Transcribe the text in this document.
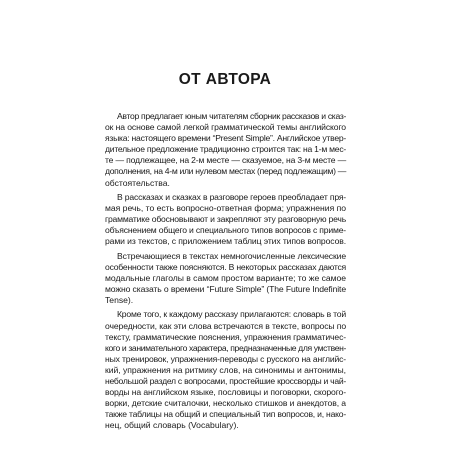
ОТ АВТОРА

Автор предлагает юным читателям сборник рассказов и сказ-
ок на основе самой легкой грамматической темы английского
языка: настоящего времени “Present Simple”. Английское утвер-
дительное предложение традиционно строится так: на 1-м мес-
те — подлежащее, на 2-м месте — сказуемое, на 3-м месте —
дополнения, на 4-м или нулевом местах (перед подлежащим) —
обстоятельства.

В рассказах и сказках в разговоре героев преобладает пря-
мая речь, то есть вопросно-ответная форма; упражнения по
грамматике обосновывают и закрепляют эту разговорную речь
объяснением общего и специального типов вопросов с приме-
рами из текстов, с приложением таблиц этих типов вопросов.

Встречающиеся в текстах немногочисленные лексические
особенности также поясняются. В некоторых рассказах даются
модальные глаголы в самом простом варианте; то же самое
можно сказать о времени “Future Simple” (The Future Indefinite
Tense).

Кроме того, к каждому рассказу прилагаются: словарь в той
очередности, как эти слова встречаются в тексте, вопросы по
тексту, грамматические пояснения, упражнения грамматичес-
кого и занимательного характера, предназначенные для умствен-
ных тренировок, упражнения-переводы с русского на английс-
кий, упражнения на ритмику слов, на синонимы и антонимы,
небольшой раздел с вопросами, простейшие кроссворды и чай-
ворды на английском языке, пословицы и поговорки, скорого-
ворки, детские считалочки, несколько стишков и анекдотов, а
также таблицы на общий и специальный тип вопросов, и, нако-
нец, общий словарь (Vocabulary).
